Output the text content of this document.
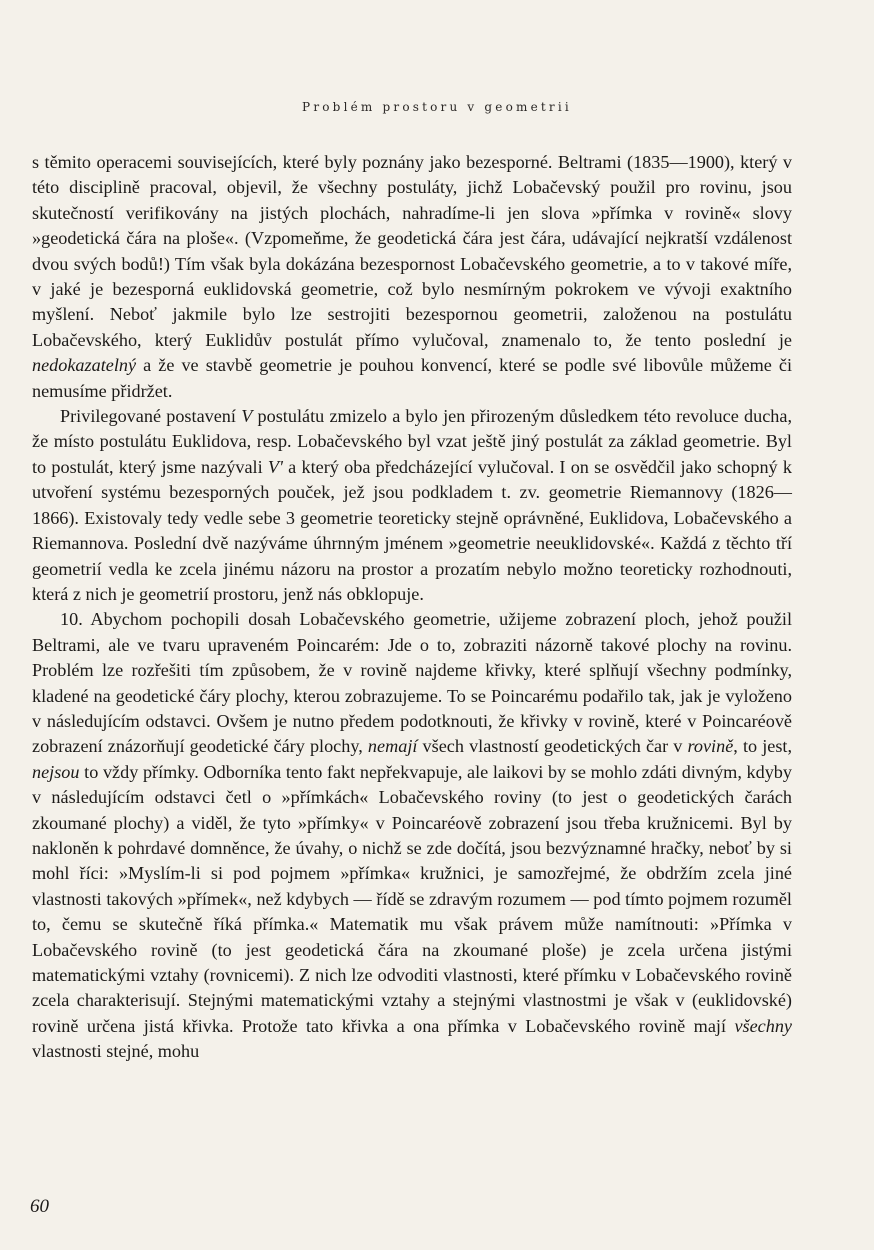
Problém prostoru v geometrii

s těmito operacemi souvisejících, které byly poznány jako bezesporné. Beltrami (1835—1900), který v této disciplině pracoval, objevil, že všechny postuláty, jichž Lobačevský použil pro rovinu, jsou skutečností verifikovány na jistých plochách, nahradíme-li jen slova »přímka v rovině« slovy »geodetická čára na ploše«. (Vzpomeňme, že geodetická čára jest čára, udávající nejkratší vzdálenost dvou svých bodů!) Tím však byla dokázána bezespornost Lobačevského geometrie, a to v takové míře, v jaké je bezesporná euklidovská geometrie, což bylo nesmírným pokrokem ve vývoji exaktního myšlení. Neboť jakmile bylo lze sestrojiti bezespornou geometrii, založenou na postulátu Lobačevského, který Euklidův postulát přímo vylučoval, znamenalo to, že tento poslední je nedokazatelný a že ve stavbě geometrie je pouhou konvencí, které se podle své libovůle můžeme či nemusíme přidržet.

Privilegované postavení V postulátu zmizelo a bylo jen přirozeným důsledkem této revoluce ducha, že místo postulátu Euklidova, resp. Lobačevského byl vzat ještě jiný postulát za základ geometrie. Byl to postulát, který jsme nazývali V' a který oba předcházející vylučoval. I on se osvědčil jako schopný k utvoření systému bezesporných pouček, jež jsou podkladem t. zv. geometrie Riemannovy (1826—1866). Existovaly tedy vedle sebe 3 geometrie teoreticky stejně oprávněné, Euklidova, Lobačevského a Riemannova. Poslední dvě nazýváme úhrnným jménem »geometrie neeuklidovské«. Každá z těchto tří geometrií vedla ke zcela jinému názoru na prostor a prozatím nebylo možno teoreticky rozhodnouti, která z nich je geometrií prostoru, jenž nás obklopuje.

10. Abychom pochopili dosah Lobačevského geometrie, užijeme zobrazení ploch, jehož použil Beltrami, ale ve tvaru upraveném Poincarém: Jde o to, zobraziti názorně takové plochy na rovinu. Problém lze rozřešiti tím způsobem, že v rovině najdeme křivky, které splňují všechny podmínky, kladené na geodetické čáry plochy, kterou zobrazujeme. To se Poincarému podařilo tak, jak je vyloženo v následujícím odstavci. Ovšem je nutno předem podotknouti, že křivky v rovině, které v Poincaréově zobrazení znázorňují geodetické čáry plochy, nemají všech vlastností geodetických čar v rovině, to jest, nejsou to vždy přímky. Odborníka tento fakt nepřekvapuje, ale laikovi by se mohlo zdáti divným, kdyby v následujícím odstavci četl o »přímkách« Lobačevského roviny (to jest o geodetických čarách zkoumané plochy) a viděl, že tyto »přímky« v Poincaréově zobrazení jsou třeba kružnicemi. Byl by nakloněn k pohrdavé domněnce, že úvahy, o nichž se zde dočítá, jsou bezvýznamné hračky, neboť by si mohl říci: »Myslím-li si pod pojmem »přímka« kružnici, je samozřejmé, že obdržím zcela jiné vlastnosti takových »přímek«, než kdybych — řídě se zdravým rozumem — pod tímto pojmem rozuměl to, čemu se skutečně říká přímka.« Matematik mu však právem může namítnouti: »Přímka v Lobačevského rovině (to jest geodetická čára na zkoumané ploše) je zcela určena jistými matematickými vztahy (rovnicemi). Z nich lze odvoditi vlastnosti, které přímku v Lobačevského rovině zcela charakterisují. Stejnými matematickými vztahy a stejnými vlastnostmi je však v (euklidovské) rovině určena jistá křivka. Protože tato křivka a ona přímka v Lobačevského rovině mají všechny vlastnosti stejné, mohu

60
